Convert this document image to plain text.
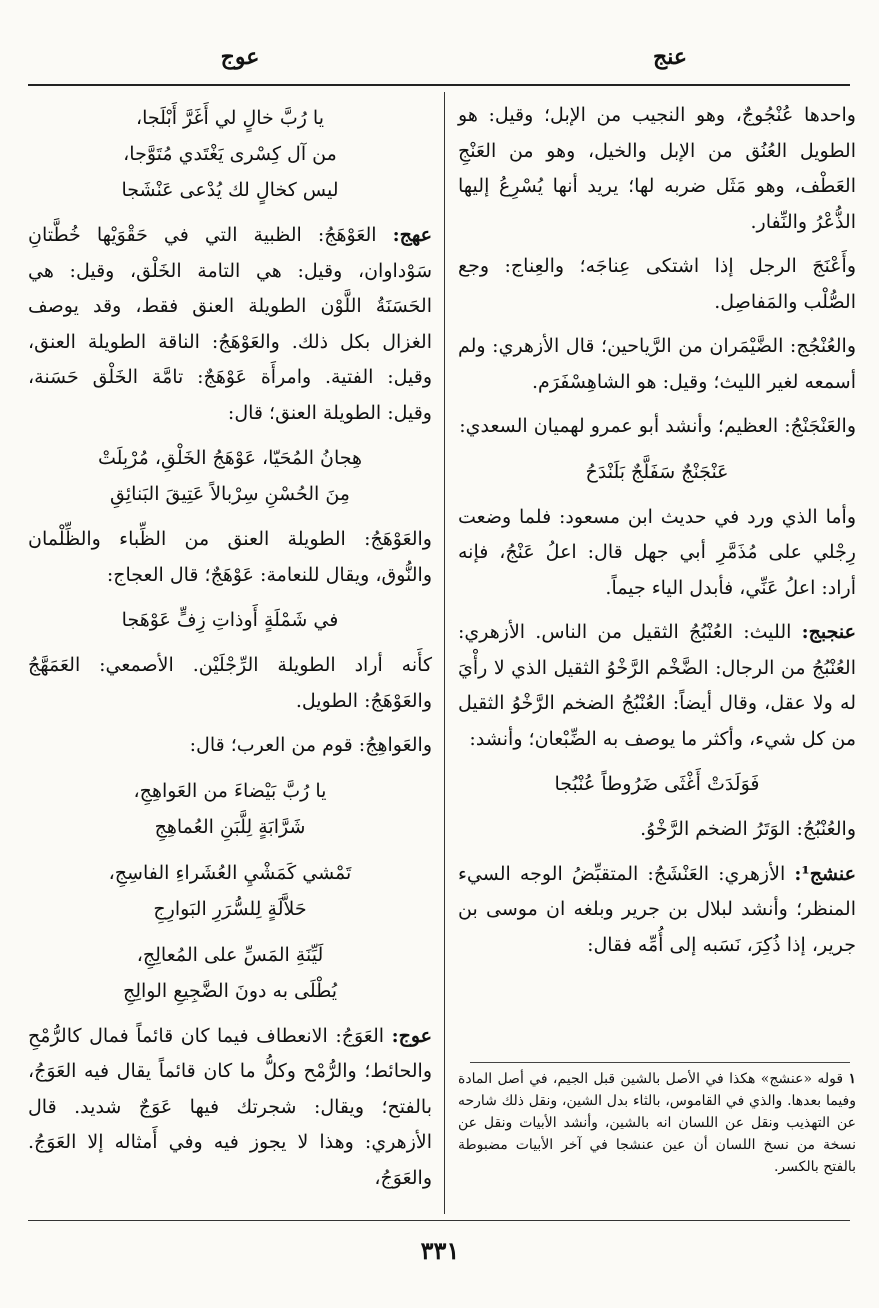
عنج
عوج

واحدها عُنْجُوجٌ، وهو النجيب من الإبل؛ وقيل: هو الطويل العُنُق من الإبل والخيل، وهو من العَنْجِ العَطْف، وهو مَثَل ضربه لها؛ يريد أنها يُسْرِعُ إليها الذُّعْرُ والنِّفار.

وأَعْنَجَ الرجل إذا اشتكى عِناجَه؛ والعِناج: وجع الصُّلْب والمَفاصِل.

والعُنْجُج: الضَّيْمَران من الرَّياحين؛ قال الأزهري: ولم أسمعه لغير الليث؛ وقيل: هو الشاهِسْفَرَم.

والعَنْجَنْجُ: العظيم؛ وأنشد أبو عمرو لهميان السعدي:

عَنْجَنْجٌ سَفَلَّجٌ بَلَنْدَحُ

وأما الذي ورد في حديث ابن مسعود: فلما وضعت رِجْلي على مُذَمَّرِ أبي جهل قال: اعلُ عَنْجُ، فإنه أراد: اعلُ عَنِّي، فأبدل الياء جيماً.

عنجبج: الليث: العُنْبُجُ الثقيل من الناس. الأزهري: العُنْبُجُ من الرجال: الضَّخْم الرَّخْوُ الثقيل الذي لا رأْيَ له ولا عقل، وقال أيضاً: العُنْبُجُ الضخم الرَّخْوُ الثقيل من كل شيء، وأكثر ما يوصف به الضِّبْعان؛ وأنشد:

فَوَلَدَتْ أَغْثَى ضَرُوطاً عُنْبُجا

والعُنْبُجُ: الوَتَرُ الضخم الرَّخْوُ.

عنشج¹: الأزهري: العَنْشَجُ: المتقبِّضُ الوجه السيء المنظر؛ وأنشد لبلال بن جرير وبلغه ان موسى بن جرير، إذا ذُكِرَ، نَسَبه إلى أُمِّه فقال:

يا رُبَّ خالٍ لي أَغَرَّ أَبْلَجا،
من آل كِسْرى يَغْتَدي مُتَوَّجا،
ليس كخالٍ لك يُدْعى عَنْشَجا

عهج: العَوْهَجُ: الظبية التي في حَقْوَيْها خُطَّتانِ سَوْداوان، وقيل: هي التامة الخَلْق، وقيل: هي الحَسَنَةُ اللَّوْن الطويلة العنق فقط، وقد يوصف الغزال بكل ذلك. والعَوْهَجُ: الناقة الطويلة العنق، وقيل: الفتية. وامرأَة عَوْهَجٌ: تامَّة الخَلْق حَسَنة، وقيل: الطويلة العنق؛ قال:

هِجانُ المُحَيّا، عَوْهَجُ الخَلْقِ، مُرْبِلَتْ
مِنَ الحُسْنِ سِرْبالاً عَتِيقَ البَنائِقِ

والعَوْهَجُ: الطويلة العنق من الظِّباء والظِّلْمان والنُّوق، ويقال للنعامة: عَوْهَجٌ؛ قال العجاج:

في شَمْلَةٍ أَوذاتِ زِفٍّ عَوْهَجا

كأَنه أراد الطويلة الرِّجْلَيْن. الأصمعي: العَمَهَّجُ والعَوْهَجُ: الطويل.

والعَواهِجُ: قوم من العرب؛ قال:

يا رُبَّ بَيْضاءَ من العَواهِجِ،
شَرَّابَةٍ لِلَّبَنِ العُماهِجِ
تَمْشي كَمَشْيِ العُشَراءِ الفاسِجِ،
حَلاَّلَةٍ لِلسُّرَرِ البَوارِجِ
لَيِّنَةِ المَسِّ على المُعالِجِ،
يُطْلَى به دونَ الضَّجِيعِ الوالِجِ

عوج: العَوَجُ: الانعطاف فيما كان قائماً فمال كالرُّمْحِ والحائط؛ والرُّمْح وكلُّ ما كان قائماً يقال فيه العَوَجُ، بالفتح؛ ويقال: شجرتك فيها عَوَجٌ شديد. قال الأزهري: وهذا لا يجوز فيه وفي أَمثاله إلا العَوَجُ. والعَوَجُ،

١ قوله «عنشج» هكذا في الأصل بالشين قبل الجيم، في أصل المادة وفيما بعدها. والذي في القاموس، بالثاء بدل الشين، ونقل ذلك شارحه عن التهذيب ونقل عن اللسان انه بالشين، وأنشد الأبيات ونقل عن نسخة من نسخ اللسان أن عين عنشجا في آخر الأبيات مضبوطة بالفتح بالكسر.
٣٣١
